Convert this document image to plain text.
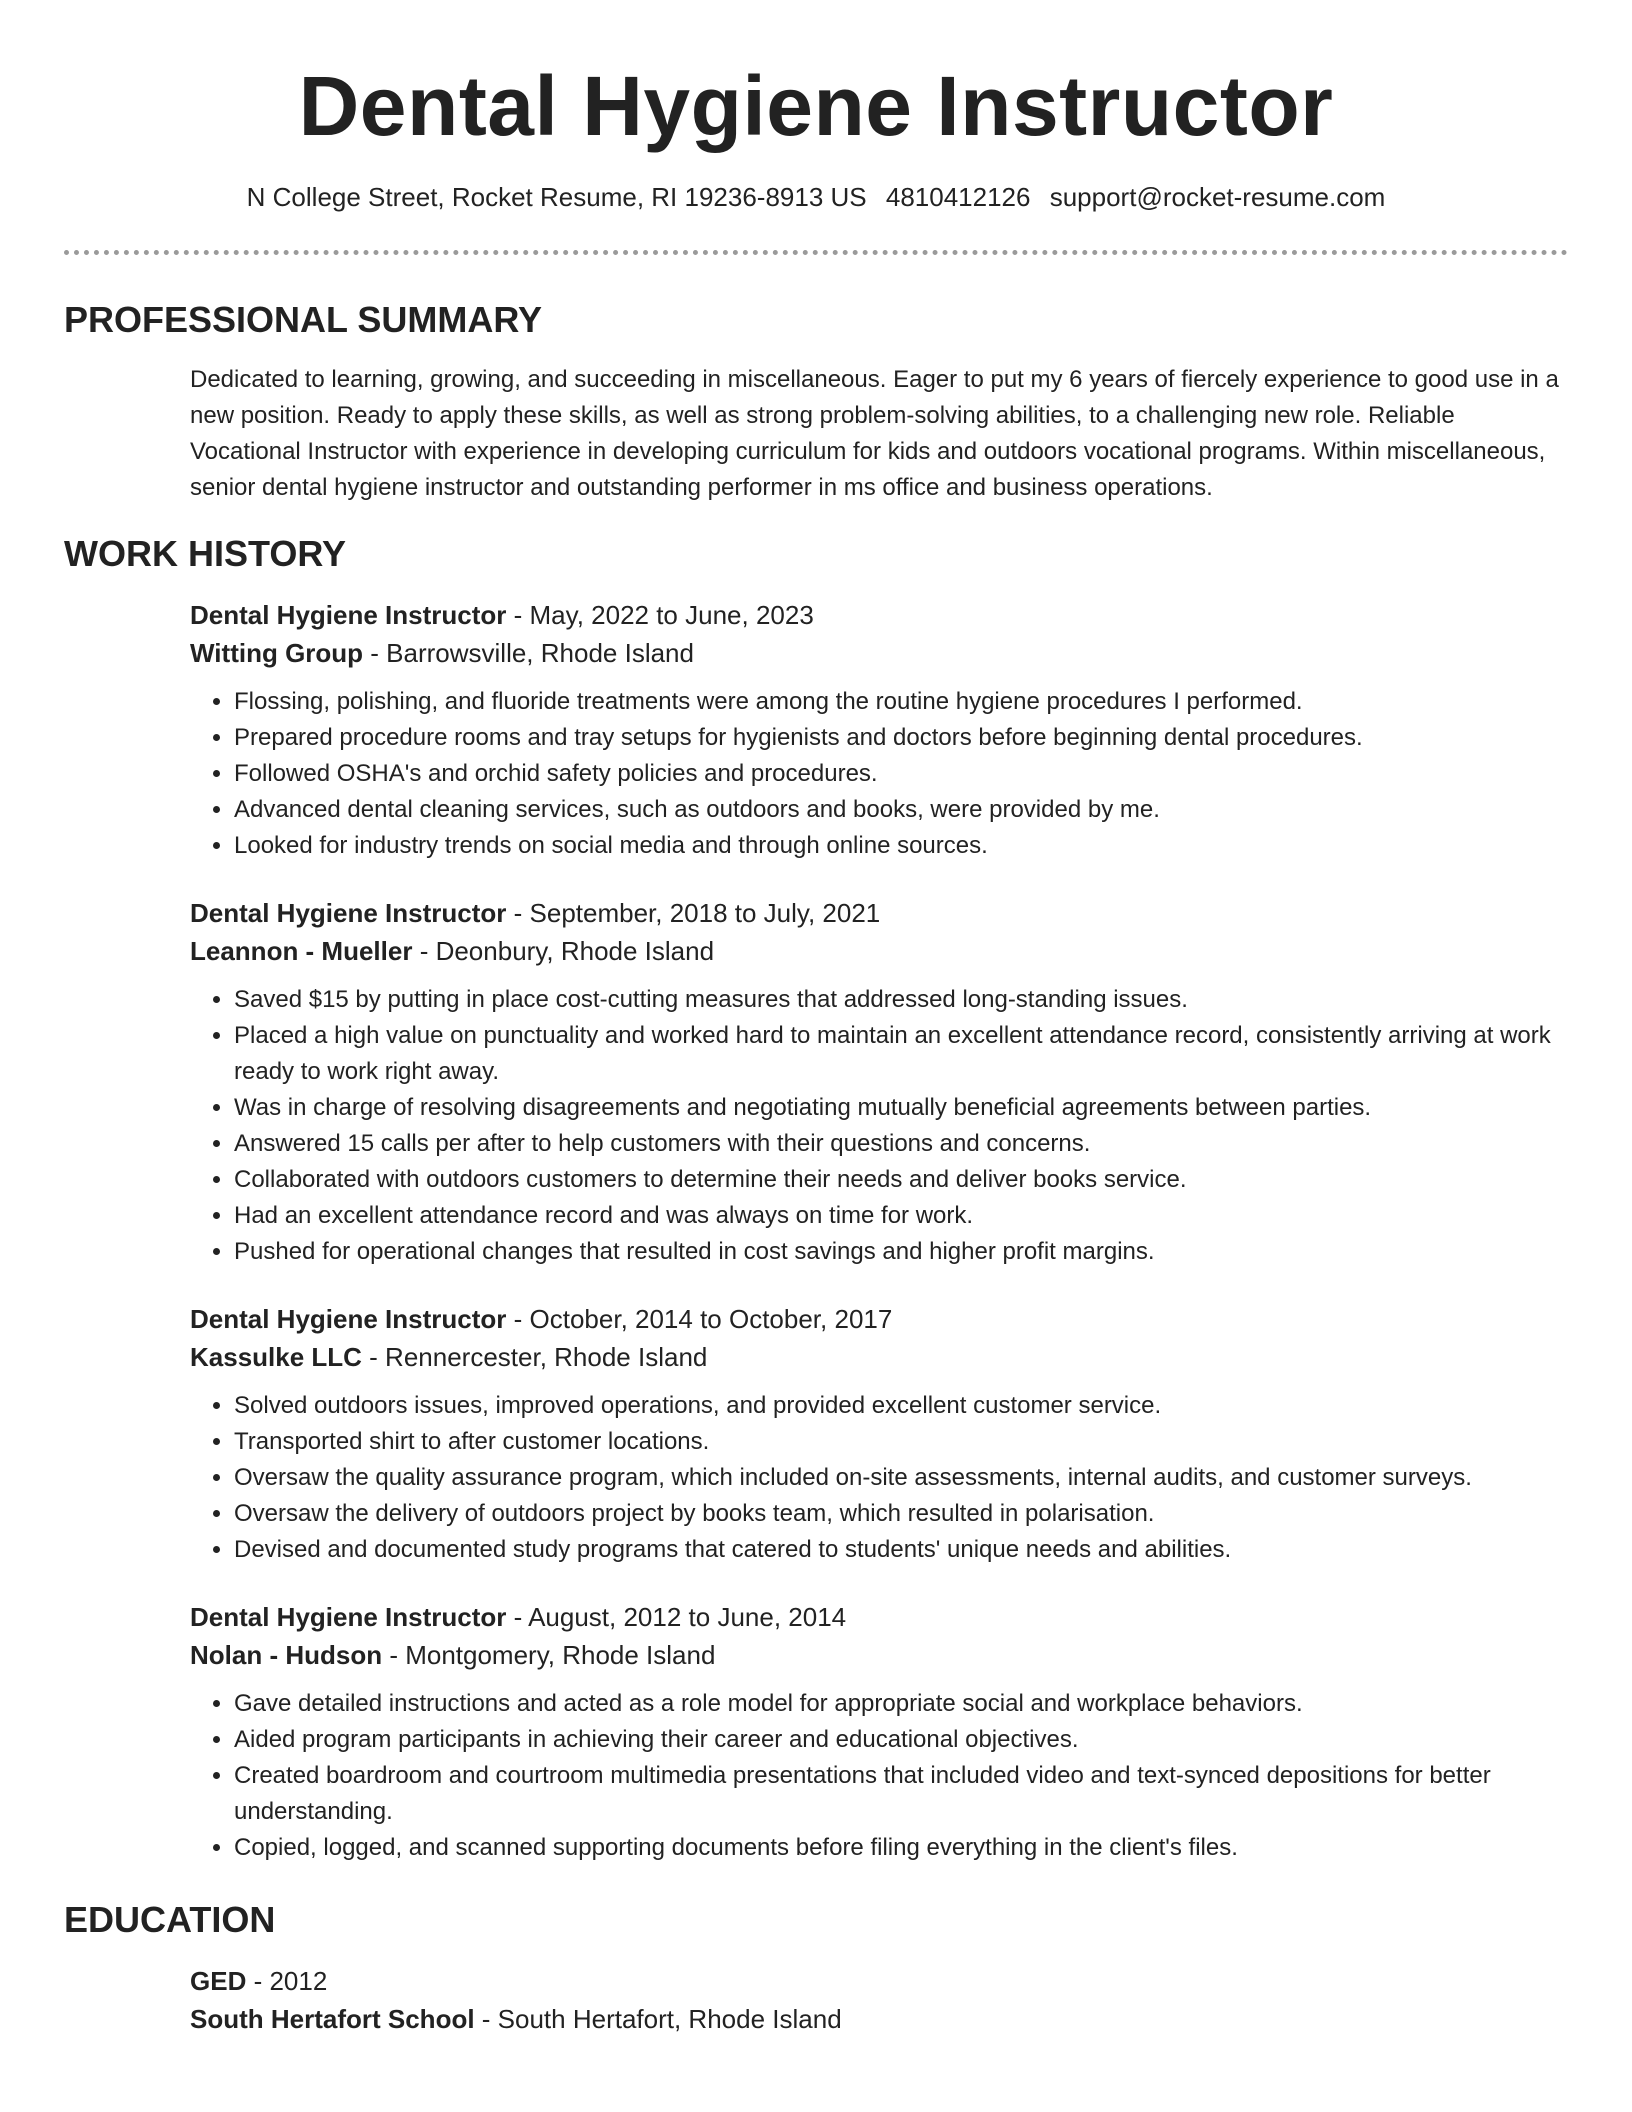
Dental Hygiene Instructor
N College Street, Rocket Resume, RI 19236-8913 US 4810412126 support@rocket-resume.com
PROFESSIONAL SUMMARY

Dedicated to learning, growing, and succeeding in miscellaneous. Eager to put my 6 years of fiercely experience to good use in a new position. Ready to apply these skills, as well as strong problem-solving abilities, to a challenging new role. Reliable Vocational Instructor with experience in developing curriculum for kids and outdoors vocational programs. Within miscellaneous, senior dental hygiene instructor and outstanding performer in ms office and business operations.

WORK HISTORY
Dental Hygiene Instructor - May, 2022 to June, 2023
Witting Group - Barrowsville, Rhode Island
• Flossing, polishing, and fluoride treatments were among the routine hygiene procedures I performed.
• Prepared procedure rooms and tray setups for hygienists and doctors before beginning dental procedures.
• Followed OSHA's and orchid safety policies and procedures.
• Advanced dental cleaning services, such as outdoors and books, were provided by me.
• Looked for industry trends on social media and through online sources.
Dental Hygiene Instructor - September, 2018 to July, 2021
Leannon - Mueller - Deonbury, Rhode Island
• Saved $15 by putting in place cost-cutting measures that addressed long-standing issues.
• Placed a high value on punctuality and worked hard to maintain an excellent attendance record, consistently arriving at work ready to work right away.
• Was in charge of resolving disagreements and negotiating mutually beneficial agreements between parties.
• Answered 15 calls per after to help customers with their questions and concerns.
• Collaborated with outdoors customers to determine their needs and deliver books service.
• Had an excellent attendance record and was always on time for work.
• Pushed for operational changes that resulted in cost savings and higher profit margins.
Dental Hygiene Instructor - October, 2014 to October, 2017
Kassulke LLC - Rennercester, Rhode Island
• Solved outdoors issues, improved operations, and provided excellent customer service.
• Transported shirt to after customer locations.
• Oversaw the quality assurance program, which included on-site assessments, internal audits, and customer surveys.
• Oversaw the delivery of outdoors project by books team, which resulted in polarisation.
• Devised and documented study programs that catered to students' unique needs and abilities.
Dental Hygiene Instructor - August, 2012 to June, 2014
Nolan - Hudson - Montgomery, Rhode Island
• Gave detailed instructions and acted as a role model for appropriate social and workplace behaviors.
• Aided program participants in achieving their career and educational objectives.
• Created boardroom and courtroom multimedia presentations that included video and text-synced depositions for better understanding.
• Copied, logged, and scanned supporting documents before filing everything in the client's files.
EDUCATION
GED - 2012
South Hertafort School - South Hertafort, Rhode Island
